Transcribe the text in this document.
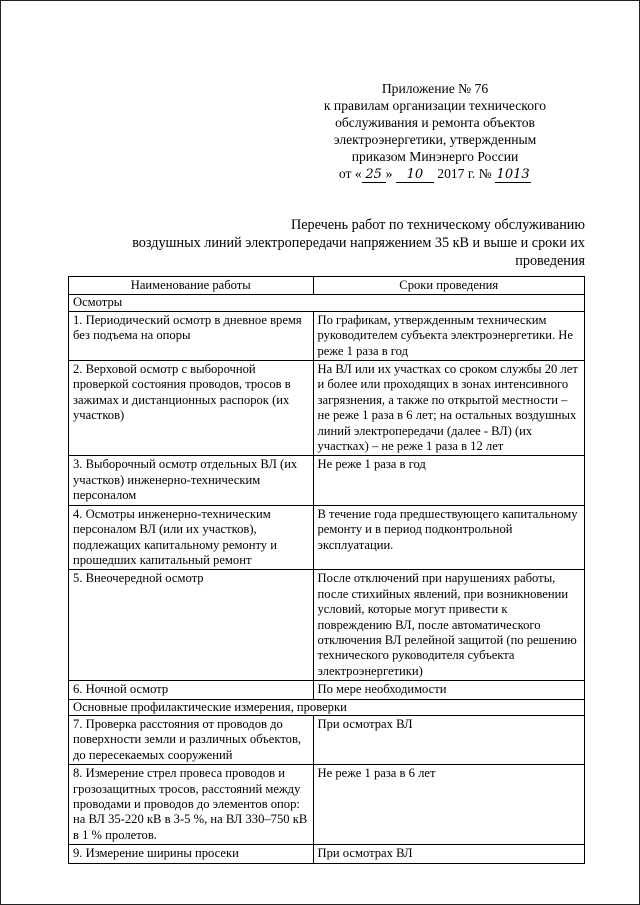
Приложение № 76
к правилам организации технического
обслуживания и ремонта объектов
электроэнергетики, утвержденным
приказом Минэнерго России
от « 25 » 10 2017 г. № 1013
Перечень работ по техническому обслуживанию
воздушных линий электропередачи напряжением 35 кВ и выше и сроки их
проведения
Наименование работы	Сроки проведения
Осмотры	
1. Периодический осмотр в дневное время без подъема на опоры	По графикам, утвержденным техническим руководителем субъекта электроэнергетики. Не реже 1 раза в год
2. Верховой осмотр с выборочной проверкой состояния проводов, тросов в зажимах и дистанционных распорок (их участков)	На ВЛ или их участках со сроком службы 20 лет и более или проходящих в зонах интенсивного загрязнения, а также по открытой местности – не реже 1 раза в 6 лет; на остальных воздушных линий электропередачи (далее - ВЛ) (их участках) – не реже 1 раза в 12 лет
3. Выборочный осмотр отдельных ВЛ (их участков) инженерно-техническим персоналом	Не реже 1 раза в год
4. Осмотры инженерно-техническим персоналом ВЛ (или их участков), подлежащих капитальному ремонту и прошедших капитальный ремонт	В течение года предшествующего капитальному ремонту и в период подконтрольной эксплуатации.
5. Внеочередной осмотр	После отключений при нарушениях работы, после стихийных явлений, при возникновении условий, которые могут привести к повреждению ВЛ, после автоматического отключения ВЛ релейной защитой (по решению технического руководителя субъекта электроэнергетики)
6. Ночной осмотр	По мере необходимости
Основные профилактические измерения, проверки	
7. Проверка расстояния от проводов до поверхности земли и различных объектов, до пересекаемых сооружений	При осмотрах ВЛ
8. Измерение стрел провеса проводов и грозозащитных тросов, расстояний между проводами и проводов до элементов опор: на ВЛ 35-220 кВ в 3-5 %, на ВЛ 330–750 кВ в 1 % пролетов.	Не реже 1 раза в 6 лет
9. Измерение ширины просеки	При осмотрах ВЛ
